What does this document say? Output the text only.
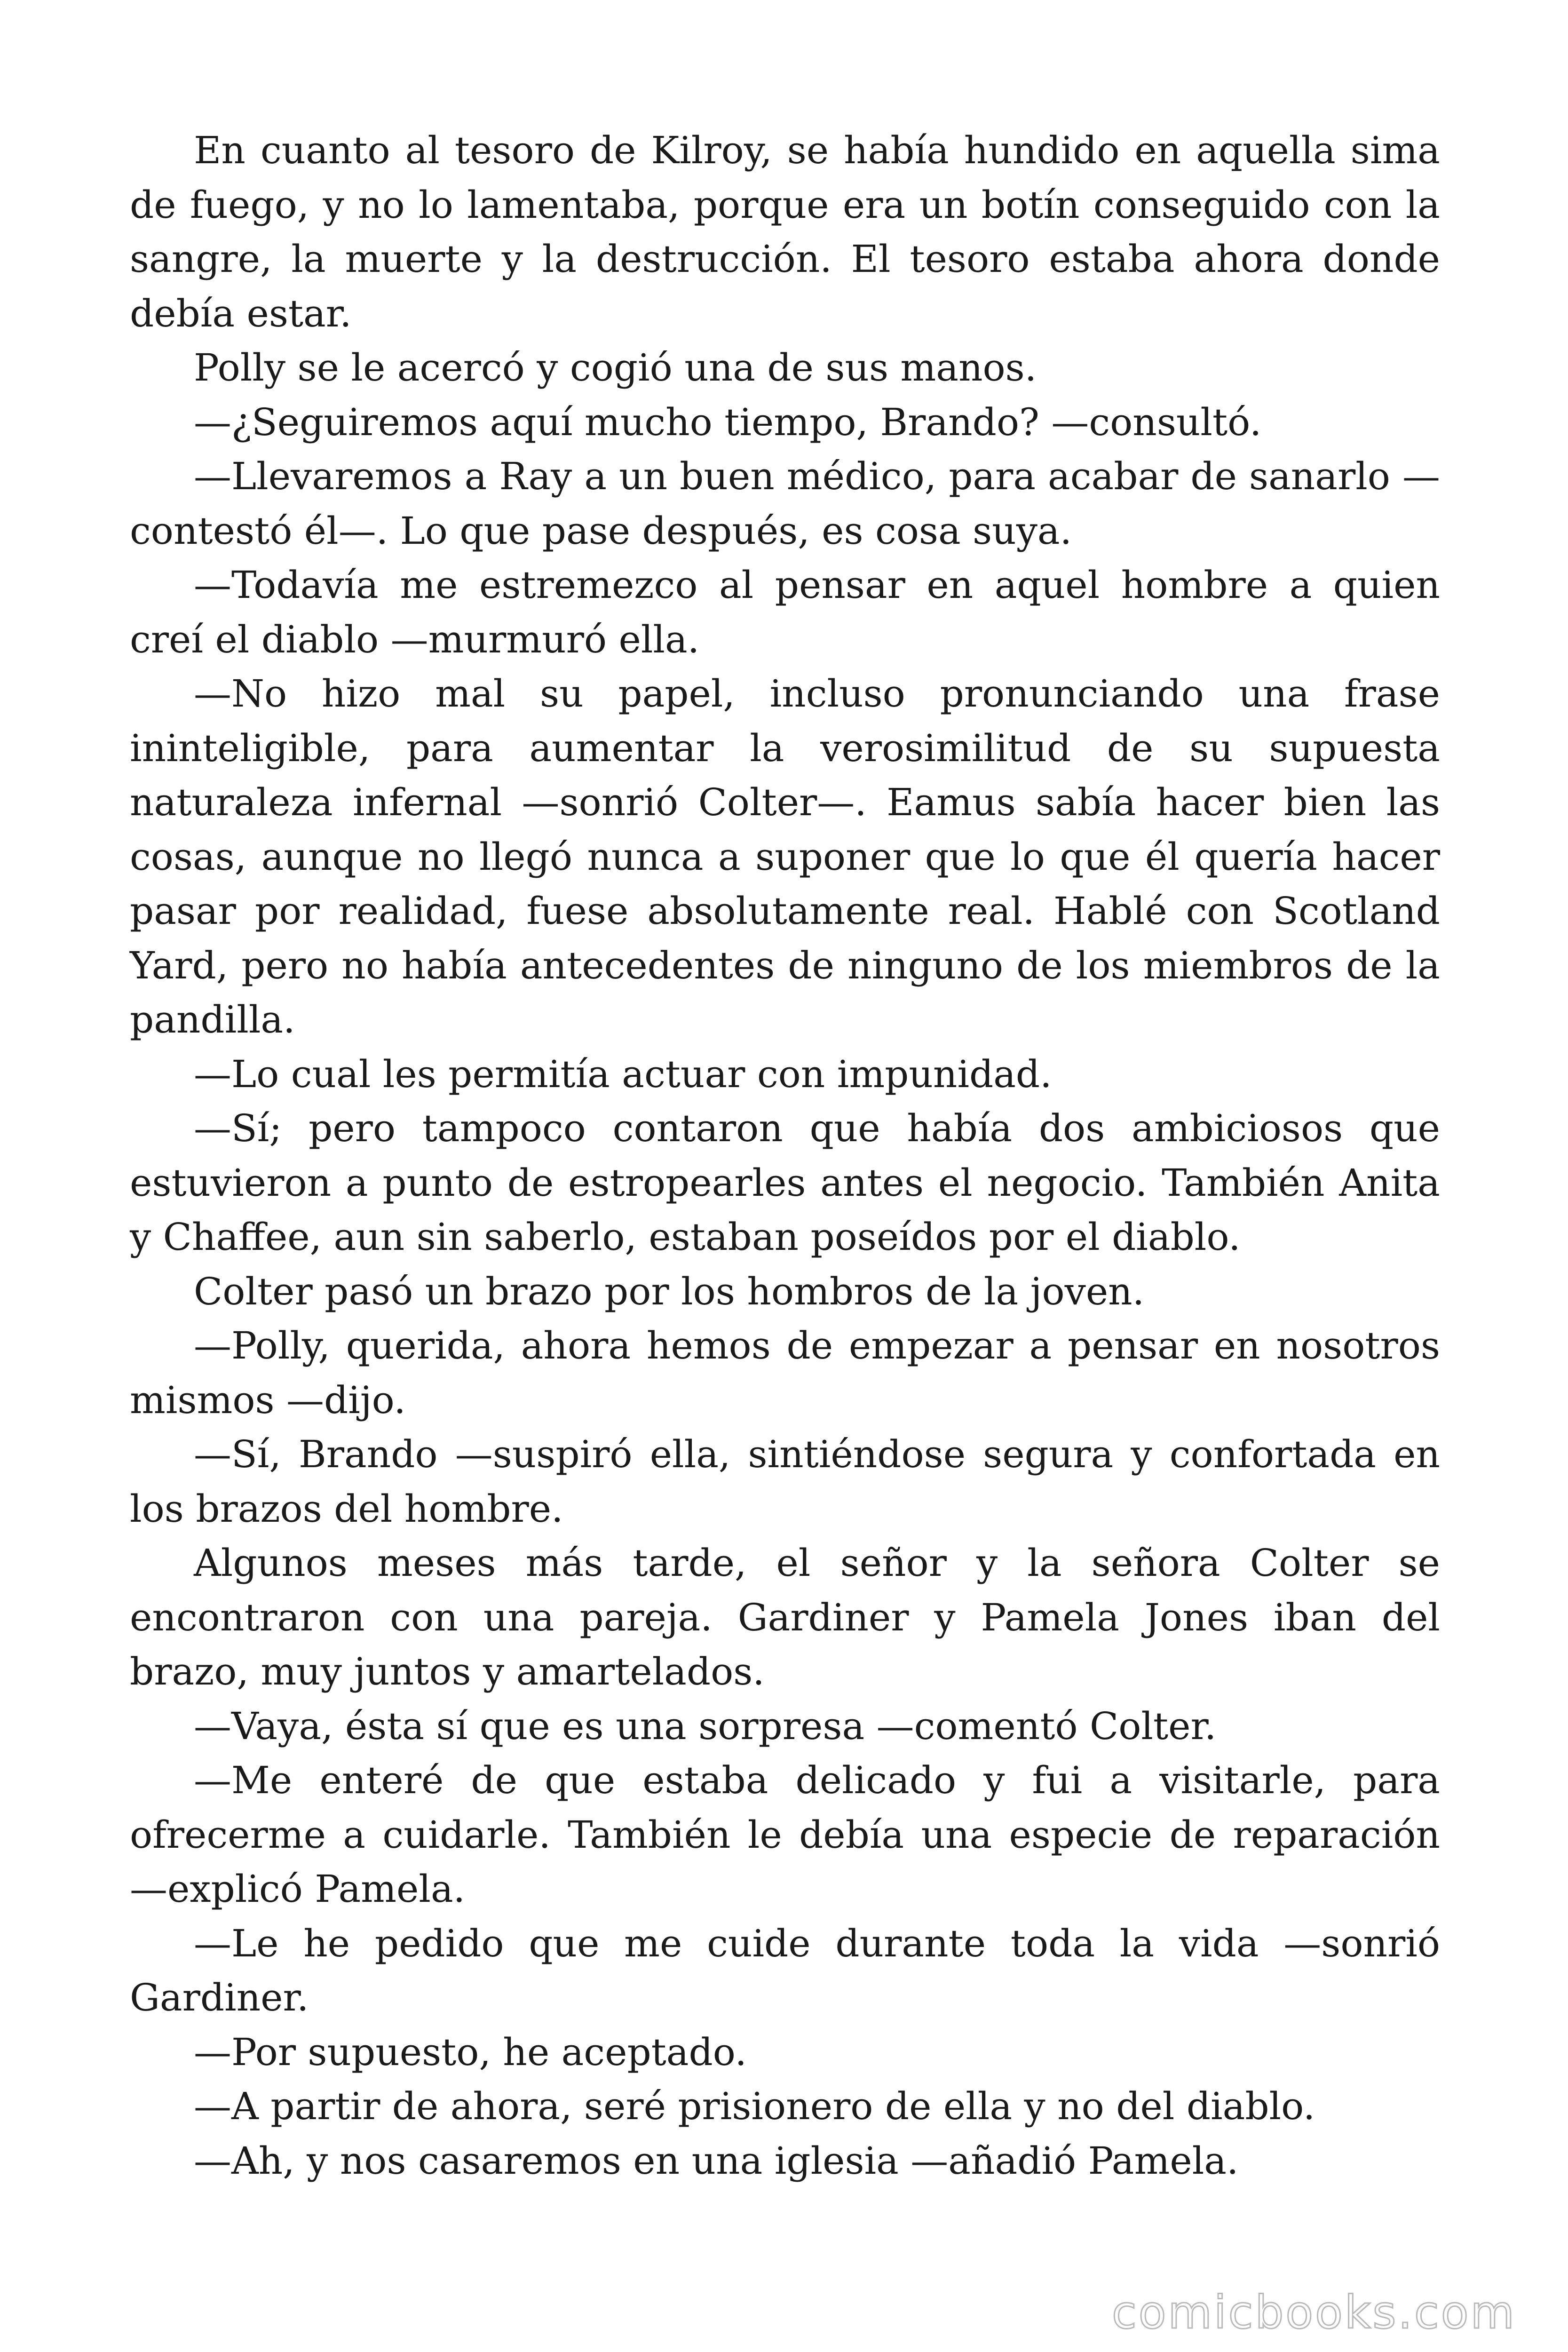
En cuanto al tesoro de Kilroy, se había hundido en aquella sima de fuego, y no lo lamentaba, porque era un botín conseguido con la sangre, la muerte y la destrucción. El tesoro estaba ahora donde debía estar.

Polly se le acercó y cogió una de sus manos.

—¿Seguiremos aquí mucho tiempo, Brando? —consultó.

—Llevaremos a Ray a un buen médico, para acabar de sanarlo —contestó él—. Lo que pase después, es cosa suya.

—Todavía me estremezco al pensar en aquel hombre a quien creí el diablo —murmuró ella.

—No hizo mal su papel, incluso pronunciando una frase ininteligible, para aumentar la verosimilitud de su supuesta naturaleza infernal —sonrió Colter—. Eamus sabía hacer bien las cosas, aunque no llegó nunca a suponer que lo que él quería hacer pasar por realidad, fuese absolutamente real. Hablé con Scotland Yard, pero no había antecedentes de ninguno de los miembros de la pandilla.

—Lo cual les permitía actuar con impunidad.

—Sí; pero tampoco contaron que había dos ambiciosos que estuvieron a punto de estropearles antes el negocio. También Anita y Chaffee, aun sin saberlo, estaban poseídos por el diablo.

Colter pasó un brazo por los hombros de la joven.

—Polly, querida, ahora hemos de empezar a pensar en nosotros mismos —dijo.

—Sí, Brando —suspiró ella, sintiéndose segura y confortada en los brazos del hombre.

Algunos meses más tarde, el señor y la señora Colter se encontraron con una pareja. Gardiner y Pamela Jones iban del brazo, muy juntos y amartelados.

—Vaya, ésta sí que es una sorpresa —comentó Colter.

—Me enteré de que estaba delicado y fui a visitarle, para ofrecerme a cuidarle. También le debía una especie de reparación —explicó Pamela.

—Le he pedido que me cuide durante toda la vida —sonrió Gardiner.

—Por supuesto, he aceptado.

—A partir de ahora, seré prisionero de ella y no del diablo.

—Ah, y nos casaremos en una iglesia —añadió Pamela.

comicbooks.com
